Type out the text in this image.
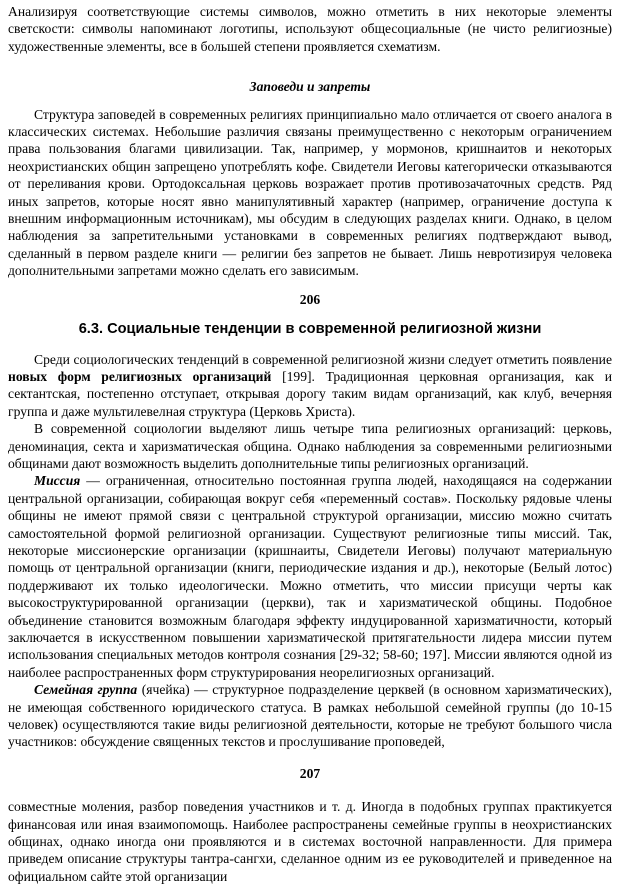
Анализируя соответствующие системы символов, можно отметить в них некоторые элементы светскости: символы напоминают логотипы, используют общесоциальные (не чисто религиозные) художественные элементы, все в большей степени проявляется схематизм.

Заповеди и запреты

Структура заповедей в современных религиях принципиально мало отличается от своего аналога в классических системах. Небольшие различия связаны преимущественно с некоторым ограничением права пользования благами цивилизации. Так, например, у мормонов, кришнаитов и некоторых неохристианских общин запрещено употреблять кофе. Свидетели Иеговы категорически отказываются от переливания крови. Ортодоксальная церковь возражает против противозачаточных средств. Ряд иных запретов, которые носят явно манипулятивный характер (например, ограничение доступа к внешним информационным источникам), мы обсудим в следующих разделах книги. Однако, в целом наблюдения за запретительными установками в современных религиях подтверждают вывод, сделанный в первом разделе книги — религии без запретов не бывает. Лишь невротизируя человека дополнительными запретами можно сделать его зависимым.

206
6.3. Социальные тенденции в современной религиозной жизни

Среди социологических тенденций в современной религиозной жизни следует отметить появление новых форм религиозных организаций [199]. Традиционная церковная организация, как и сектантская, постепенно отступает, открывая дорогу таким видам организаций, как клуб, вечерняя группа и даже мультилевелная структура (Церковь Христа).

В современной социологии выделяют лишь четыре типа религиозных организаций: церковь, деноминация, секта и харизматическая община. Однако наблюдения за современными религиозными общинами дают возможность выделить дополнительные типы религиозных организаций.

Миссия — ограниченная, относительно постоянная группа людей, находящаяся на содержании центральной организации, собирающая вокруг себя «переменный состав». Поскольку рядовые члены общины не имеют прямой связи с центральной структурой организации, миссию можно считать самостоятельной формой религиозной организации. Существуют религиозные типы миссий. Так, некоторые миссионерские организации (кришнаиты, Свидетели Иеговы) получают материальную помощь от центральной организации (книги, периодические издания и др.), некоторые (Белый лотос) поддерживают их только идеологически. Можно отметить, что миссии присущи черты как высокоструктурированной организации (церкви), так и харизматической общины. Подобное объединение становится возможным благодаря эффекту индуцированной харизматичности, который заключается в искусственном повышении харизматической притягательности лидера миссии путем использования специальных методов контроля сознания [29-32; 58-60; 197]. Миссии являются одной из наиболее распространенных форм структурирования неорелигиозных организаций.

Семейная группа (ячейка) — структурное подразделение церквей (в основном харизматических), не имеющая собственного юридического статуса. В рамках небольшой семейной группы (до 10-15 человек) осуществляются такие виды религиозной деятельности, которые не требуют большого числа участников: обсуждение священных текстов и прослушивание проповедей,

207

совместные моления, разбор поведения участников и т. д. Иногда в подобных группах практикуется финансовая или иная взаимопомощь. Наиболее распространены семейные группы в неохристианских общинах, однако иногда они проявляются и в системах восточной направленности. Для примера приведем описание структуры тантра-сангхи, сделанное одним из ее руководителей и приведенное на официальном сайте этой организации
